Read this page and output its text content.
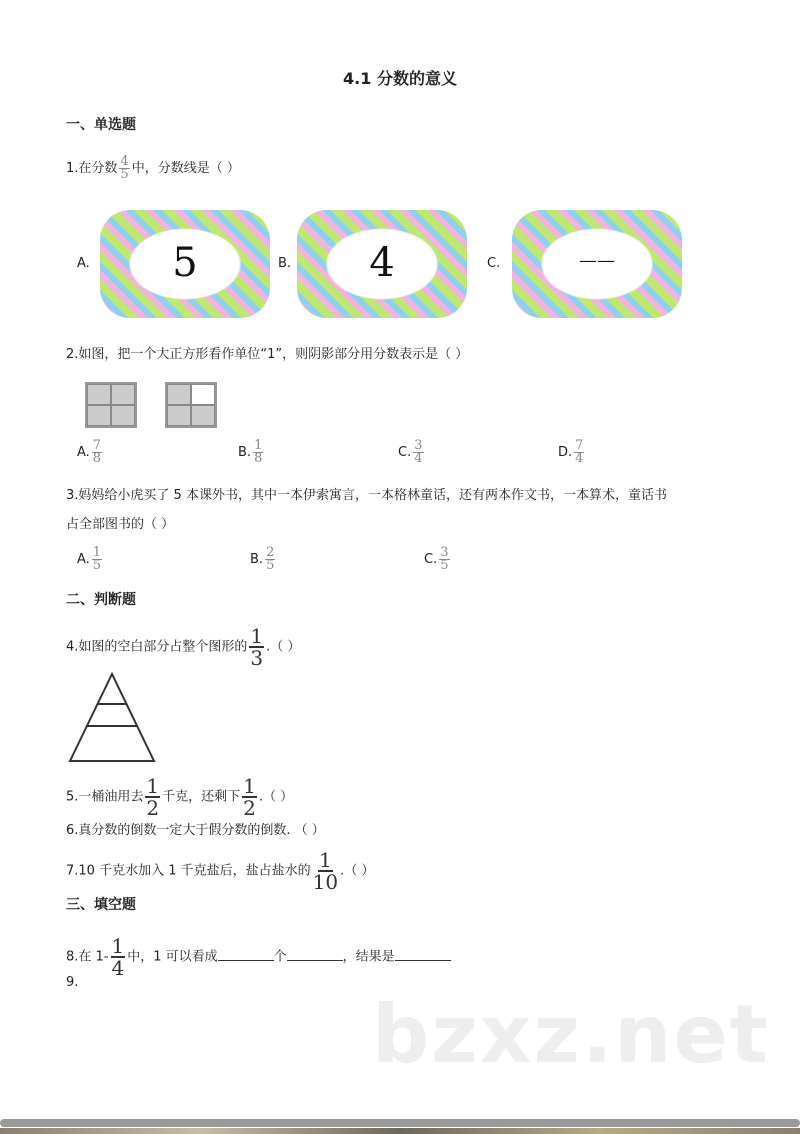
4.1 分数的意义
一、单选题
1.在分数 $\frac{4}{5}$ 中，分数线是（ ）
A.	5	B.	4	C.	——
2.如图，把一个大正方形看作单位“1”，则阴影部分用分数表示是（ ）
A. $\frac{7}{8}$	B. $\frac{1}{8}$	C. $\frac{3}{4}$	D. $\frac{7}{4}$
3.妈妈给小虎买了 5 本课外书，其中一本伊索寓言，一本格林童话，还有两本作文书，一本算术，童话书
占全部图书的（ ）
A. $\frac{1}{5}$	B. $\frac{2}{5}$	C. $\frac{3}{5}$
二、判断题
4.如图的空白部分占整个图形的 $\frac{1}{3}$ .（ ）
5.一桶油用去 $\frac{1}{2}$ 千克，还剩下 $\frac{1}{2}$ .（ ）
6.真分数的倒数一定大于假分数的倒数. （ ）
7.10 千克水加入 1 千克盐后，盐占盐水的 $\frac{1}{10}$ .（ ）
三、填空题
8.在 $1- \frac{1}{4}$ 中，1 可以看成	个	，结果是
9.
bzxz.net
